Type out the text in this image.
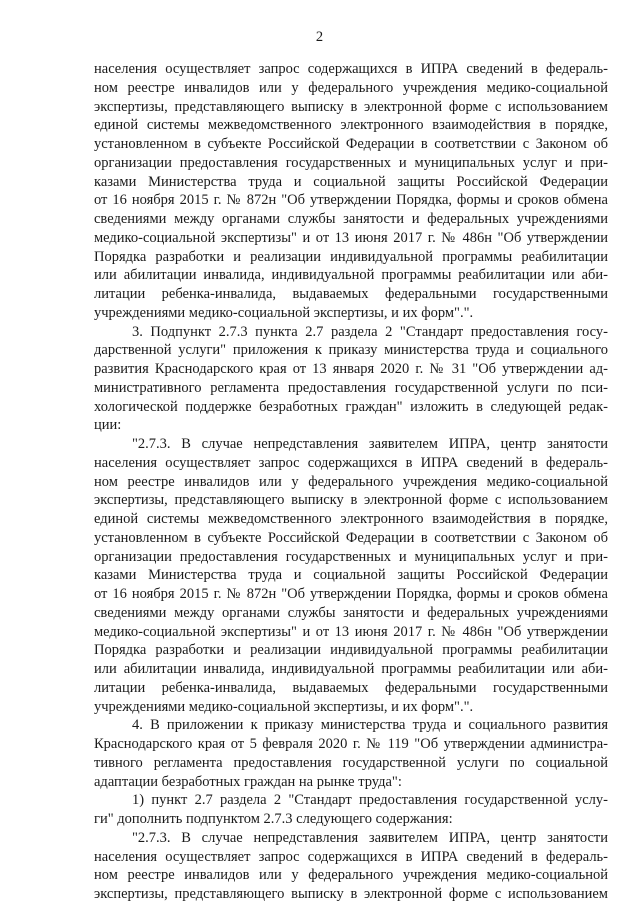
2
населения осуществляет запрос содержащихся в ИПРА сведений в федераль-
ном реестре инвалидов или у федерального учреждения медико-социальной
экспертизы, представляющего выписку в электронной форме с использованием
единой системы межведомственного электронного взаимодействия в порядке,
установленном в субъекте Российской Федерации в соответствии с Законом об
организации предоставления государственных и муниципальных услуг и при-
казами Министерства труда и социальной защиты Российской Федерации
от 16 ноября 2015 г. № 872н "Об утверждении Порядка, формы и сроков обмена
сведениями между органами службы занятости и федеральных учреждениями
медико-социальной экспертизы" и от 13 июня 2017 г. № 486н "Об утверждении
Порядка разработки и реализации индивидуальной программы реабилитации
или абилитации инвалида, индивидуальной программы реабилитации или аби-
литации ребенка-инвалида, выдаваемых федеральными государственными
учреждениями медико-социальной экспертизы, и их форм".".
3. Подпункт 2.7.3 пункта 2.7 раздела 2 "Стандарт предоставления госу-
дарственной услуги" приложения к приказу министерства труда и социального
развития Краснодарского края от 13 января 2020 г. № 31 "Об утверждении ад-
министративного регламента предоставления государственной услуги по пси-
хологической поддержке безработных граждан" изложить в следующей редак-
ции:
"2.7.3. В случае непредставления заявителем ИПРА, центр занятости
населения осуществляет запрос содержащихся в ИПРА сведений в федераль-
ном реестре инвалидов или у федерального учреждения медико-социальной
экспертизы, представляющего выписку в электронной форме с использованием
единой системы межведомственного электронного взаимодействия в порядке,
установленном в субъекте Российской Федерации в соответствии с Законом об
организации предоставления государственных и муниципальных услуг и при-
казами Министерства труда и социальной защиты Российской Федерации
от 16 ноября 2015 г. № 872н "Об утверждении Порядка, формы и сроков обмена
сведениями между органами службы занятости и федеральных учреждениями
медико-социальной экспертизы" и от 13 июня 2017 г. № 486н "Об утверждении
Порядка разработки и реализации индивидуальной программы реабилитации
или абилитации инвалида, индивидуальной программы реабилитации или аби-
литации ребенка-инвалида, выдаваемых федеральными государственными
учреждениями медико-социальной экспертизы, и их форм".".
4. В приложении к приказу министерства труда и социального развития
Краснодарского края от 5 февраля 2020 г. № 119 "Об утверждении администра-
тивного регламента предоставления государственной услуги по социальной
адаптации безработных граждан на рынке труда":
1) пункт 2.7 раздела 2 "Стандарт предоставления государственной услу-
ги" дополнить подпунктом 2.7.3 следующего содержания:
"2.7.3. В случае непредставления заявителем ИПРА, центр занятости
населения осуществляет запрос содержащихся в ИПРА сведений в федераль-
ном реестре инвалидов или у федерального учреждения медико-социальной
экспертизы, представляющего выписку в электронной форме с использованием
